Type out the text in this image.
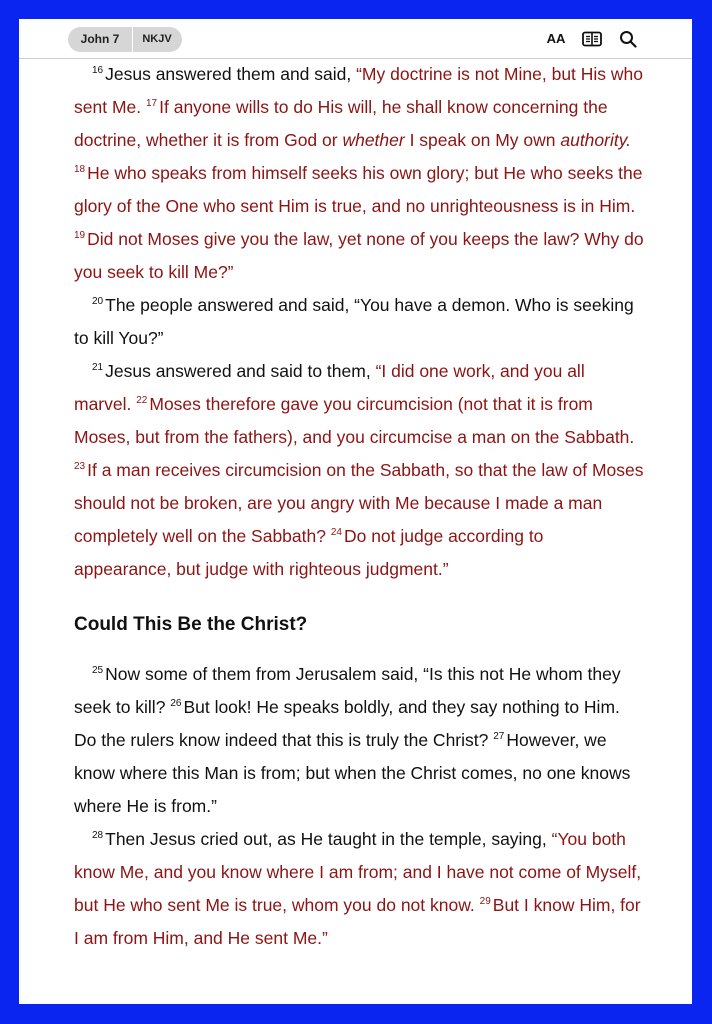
John 7	NKJV	AA

$^{16}$ Jesus answered them and said, “My doctrine is not Mine, but His who sent Me. $^{17}$ If anyone wills to do His will, he shall know concerning the doctrine, whether it is from God or whether I speak on My own authority. $^{18}$ He who speaks from himself seeks his own glory; but He who seeks the glory of the One who sent Him is true, and no unrighteousness is in Him. $^{19}$ Did not Moses give you the law, yet none of you keeps the law? Why do you seek to kill Me?”

$^{20}$ The people answered and said, “You have a demon. Who is seeking to kill You?”

$^{21}$ Jesus answered and said to them, “I did one work, and you all marvel. $^{22}$ Moses therefore gave you circumcision (not that it is from Moses, but from the fathers), and you circumcise a man on the Sabbath. $^{23}$ If a man receives circumcision on the Sabbath, so that the law of Moses should not be broken, are you angry with Me because I made a man completely well on the Sabbath? $^{24}$ Do not judge according to appearance, but judge with righteous judgment.”

Could This Be the Christ?

$^{25}$ Now some of them from Jerusalem said, “Is this not He whom they seek to kill? $^{26}$ But look! He speaks boldly, and they say nothing to Him. Do the rulers know indeed that this is truly the Christ? $^{27}$ However, we know where this Man is from; but when the Christ comes, no one knows where He is from.”

$^{28}$ Then Jesus cried out, as He taught in the temple, saying, “You both know Me, and you know where I am from; and I have not come of Myself, but He who sent Me is true, whom you do not know. $^{29}$ But I know Him, for I am from Him, and He sent Me.”
